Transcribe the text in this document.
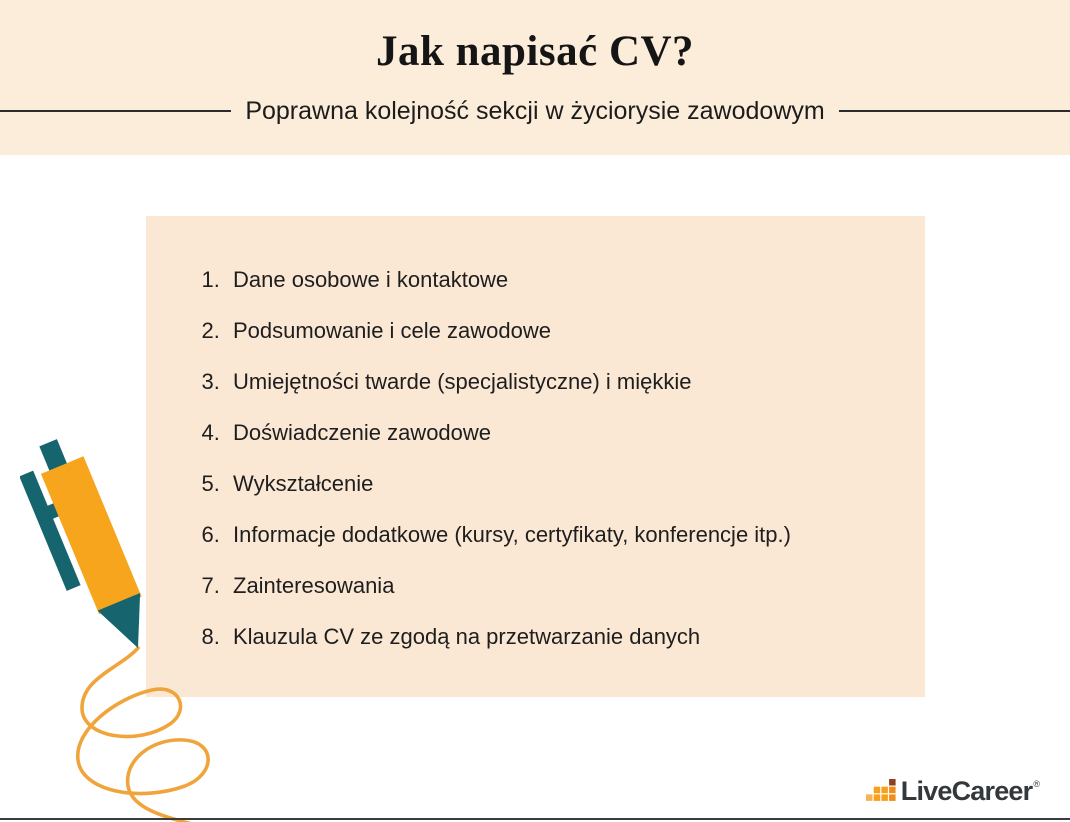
Jak napisać CV?
Poprawna kolejność sekcji w życiorysie zawodowym
1. Dane osobowe i kontaktowe
2. Podsumowanie i cele zawodowe
3. Umiejętności twarde (specjalistyczne) i miękkie
4. Doświadczenie zawodowe
5. Wykształcenie
6. Informacje dodatkowe (kursy, certyfikaty, konferencje itp.)
7. Zainteresowania
8. Klauzula CV ze zgodą na przetwarzanie danych
LiveCareer ®
